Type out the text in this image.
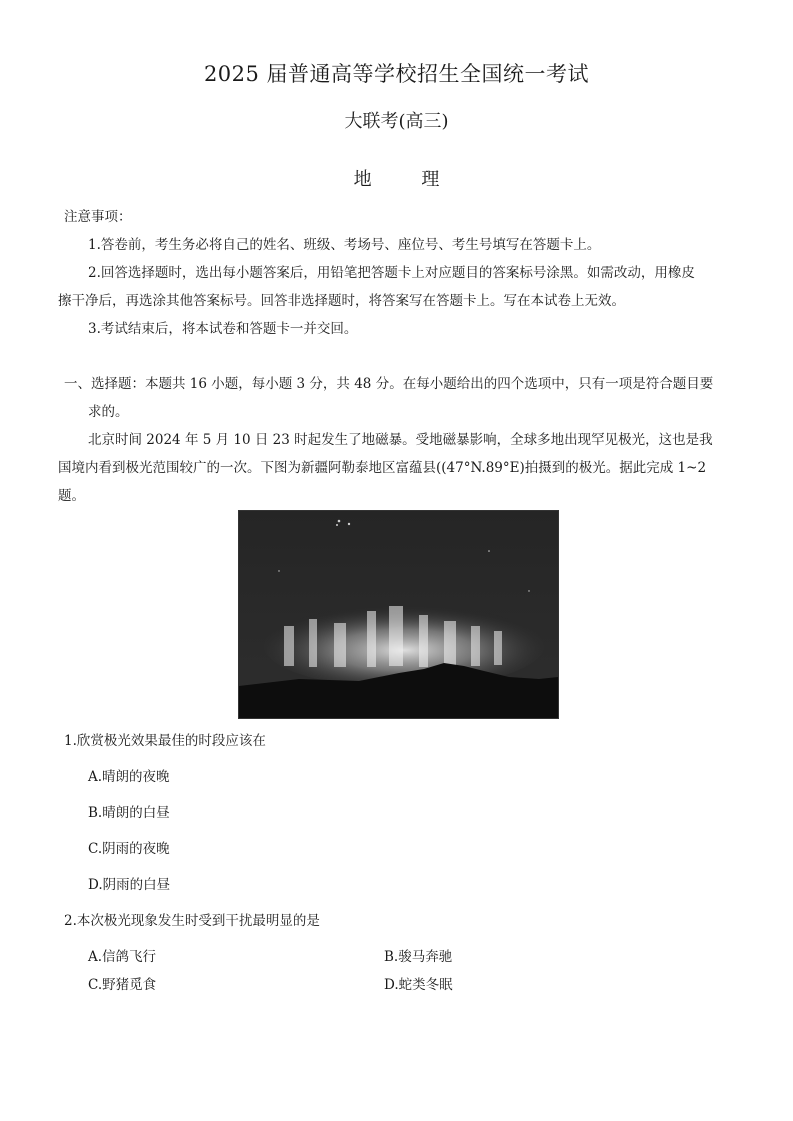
2025 届普通高等学校招生全国统一考试
大联考(高三)
地 理
注意事项：
1.答卷前，考生务必将自己的姓名、班级、考场号、座位号、考生号填写在答题卡上。
2.回答选择题时，选出每小题答案后，用铅笔把答题卡上对应题目的答案标号涂黑。如需改动，用橡皮
擦干净后，再选涂其他答案标号。回答非选择题时，将答案写在答题卡上。写在本试卷上无效。
3.考试结束后，将本试卷和答题卡一并交回。
一、选择题：本题共 16 小题，每小题 3 分，共 48 分。在每小题给出的四个选项中，只有一项是符合题目要
求的。
北京时间 2024 年 5 月 10 日 23 时起发生了地磁暴。受地磁暴影响，全球多地出现罕见极光，这也是我
国境内看到极光范围较广的一次。下图为新疆阿勒泰地区富蕴县((47°N.89°E)拍摄到的极光。据此完成 1~2
题。
1.欣赏极光效果最佳的时段应该在
A.晴朗的夜晚
B.晴朗的白昼
C.阴雨的夜晚
D.阴雨的白昼
2.本次极光现象发生时受到干扰最明显的是
A.信鸽飞行	B.骏马奔驰
C.野猪觅食	D.蛇类冬眠
